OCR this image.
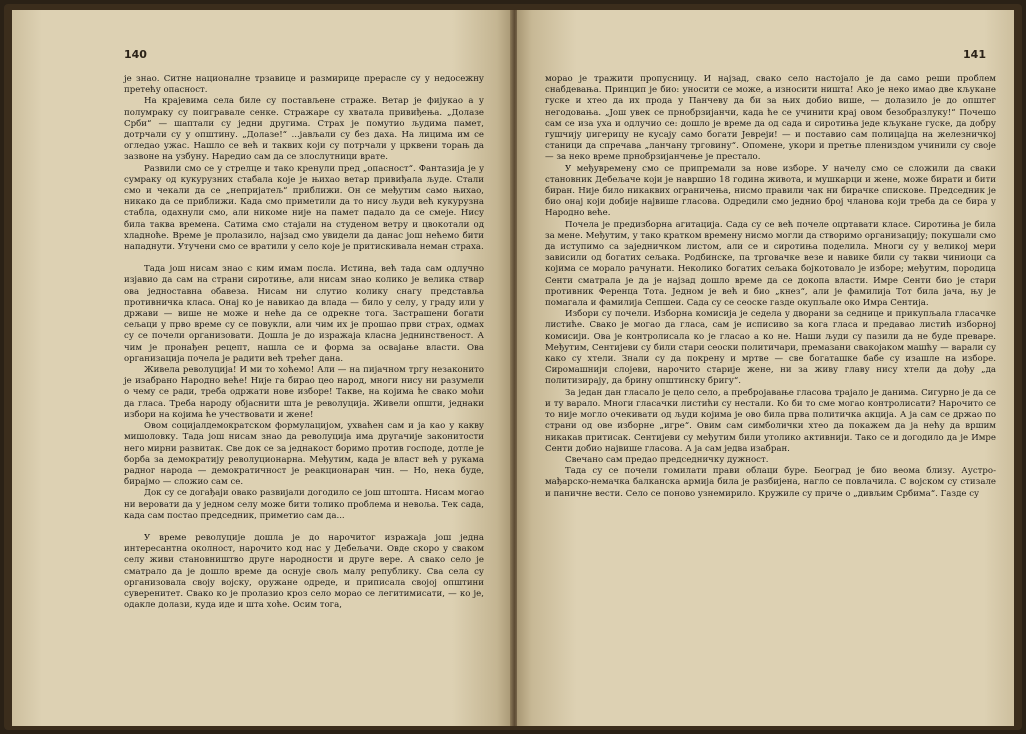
140

је знао. Ситне националне трзавице и размирице прерасле су у недосежну претећу опасност.

На крајевима села биле су постављене страже. Ветар је фијукао а у полумраку су поигравале сенке. Стражаре су хватала привиђења. „Долазе Срби“ — шаптали су једни другима. Страх је помутио људима памет, дотрчали су у општину. „Долазе!“ ...јављали су без даха. На лицима им се огледао ужас. Нашло се већ и таквих који су потрчали у црквени торањ да зазвоне на узбуну. Наредио сам да се злослутници врате.

Развили смо се у стрелце и тако кренули пред „опасност“. Фантазија је у сумраку од кукурузних стабала које је њихао ветар привиђала људе. Стали смо и чекали да се „непријатељ“ приближи. Он се међутим само њихао, никако да се приближи. Када смо приметили да то нису људи већ кукурузна стабла, одахнули смо, али никоме није на памет падало да се смеје. Нису била таква времена. Сатима смо стајали на студеном ветру и цвокотали од хладноће. Време је пролазило, најзад смо увидели да данас још нећемо бити нападнути. Утучени смо се вратили у село које је притискивала неман страха.

Тада још нисам знао с ким имам посла. Истина, већ тада сам одлучно изјавио да сам на страни сиротиње, али нисам знао колико је велика ствар ова једноставна обавеза. Нисам ни слутио колику снагу представља противничка класа. Онај ко је навикао да влада — било у селу, у граду или у држави — више не може и неће да се одрекне тога. Застрашени богати сељаци у прво време су се повукли, али чим их је прошао први страх, одмах су се почели организовати. Дошла је до изражаја класна једнинственост. А чим је пронађен рецепт, нашла се и форма за освајање власти. Ова организација почела је радити већ трећег дана.

Живела револуција! И ми то хоћемо! Али — на пијачном тргу незаконито је изабрано Народно веће! Није га бирао цео народ, многи нису ни разумели о чему се ради, треба одржати нове изборе! Такве, на којима ће свако моћи да гласа. Треба народу објаснити шта је револуција. Живели општи, једнаки избори на којима ће учествовати и жене!

Овом социјалдемократском формулацијом, ухваћен сам и ја као у какву мишоловку. Тада још нисам знао да револуција има другачије законитости него мирни развитак. Све док се за једнакост боримо против господе, дотле је борба за демократију револуционарна. Међутим, када је власт већ у рукама радног народа — демократичност је реакционаран чин. — Но, нека буде, бирајмо — сложио сам се.

Док су се догађаји овако развијали догодило се још штошта. Нисам могао ни веровати да у једном селу може бити толико проблема и невоља. Тек сада, када сам постао председник, приметио сам да...

У време револуције дошла је до нарочитог изражаја још једна интересантна околност, нарочито код нас у Дебељачи. Овде скоро у сваком селу живи становништво друге народности и друге вере. А свако село је сматрало да је дошло време да оснује свољ малу републику. Сва села су организовала своју војску, оружане одреде, и приписала својој општини суверенитет. Свако ко је пролазио кроз село морао се легитимисати, — ко је, одакле долази, куда иде и шта хоће. Осим тога,

141

морао је тражити пропусницу. И најзад, свако село настојало је да само реши проблем снабдевања. Принцип је био: уносити се може, а износити ништа! Ако је неко имао две кљукане гуске и хтео да их прода у Панчеву да би за њих добио више, — долазило је до општег негодовања. „Још увек се прнобрзијанчи, када ће се учинити крај овом безобразлуку!“ Почешо сам се иза уха и одлучио се: дошло је време да од сада и сиротиња једе кљукане гуске, да добру гушчију џигерицу не кусају само богати Јевреји! — и поставио сам полицајца на железничкој станици да спречава „ланчану трговину“. Опомене, укори и претње плениздом учинили су своје — за неко време прнобрзијанчење је престало.

У међувремену смо се припремали за нове изборе. У начелу смо се сложили да сваки становник Дебељаче који је навршио 18 година живота, и мушкарци и жене, може бирати и бити биран. Није било никаквих ограничења, нисмо правили чак ни бирачке спискове. Председник је био онај који добије највише гласова. Одредили смо једнио број чланова који треба да се бира у Народно веће.

Почела је предизборна агитација. Сада су се већ почеле оцртавати класе. Сиротиња је била за мене. Међутим, у тако кратком времену нисмо могли да створимо организацију; покушали смо да иступимо са заједничком листом, али се и сиротиња поделила. Многи су у великој мери зависили од богатих сељака. Родбинске, па трговачке везе и навике били су такви чиниоци са којима се морало рачунати. Неколико богатих сељака бојкотовало је изборе; међутим, породица Сенти сматрала је да је најзад дошло време да се докопа власти. Имре Сенти био је стари противник Ференца Тота. Једном је већ и био „кнез“, али је фамилија Тот била јача, њу је помагала и фамилија Сепшеи. Сада су се сеоске газде окупљале око Имра Сентија.

Избори су почели. Изборна комисија је седела у дворани за седнице и прикупљала гласачке листиће. Свако је могао да гласа, сам је исписиво за кога гласа и предавао листић изборној комисији. Ова је контролисала ко је гласао а ко не. Наши људи су пазили да не буде преваре. Међутим, Сентијеви су били стари сеоски политичари, премазани свакојаком машћу — варали су како су хтели. Знали су да покрену и мртве — све богаташке бабе су изашле на изборе. Сиромашнији слојеви, нарочито старије жене, ни за живу главу нису хтели да дођу „да политизирају, да брину општинску бригу“.

За један дан гласало је цело село, а пребројавање гласова трајало је данима. Сигурно је да се и ту варало. Многи гласачки листићи су нестали. Ко би то сме могао контролисати? Нарочито се то није могло очекивати од људи којима је ово била прва политичка акција. А ја сам се држао по страни од ове изборне „игре“. Овим сам симболички хтео да покажем да ја нећу да вршим никакав притисак. Сентијеви су међутим били утолико активнији. Тако се и догодило да је Имре Сенти добио највише гласова. А ја сам једва изабран.

Свечано сам предао председничку дужност.

Тада су се почели гомилати прави облаци буре. Београд је био веома близу. Аустро-мађарско-немачка балканска армија била је разбијена, нагло се повлачила. С војском су стизале и паничне вести. Село се поново узнемирило. Кружиле су приче о „дивљим Србима“. Газде су
